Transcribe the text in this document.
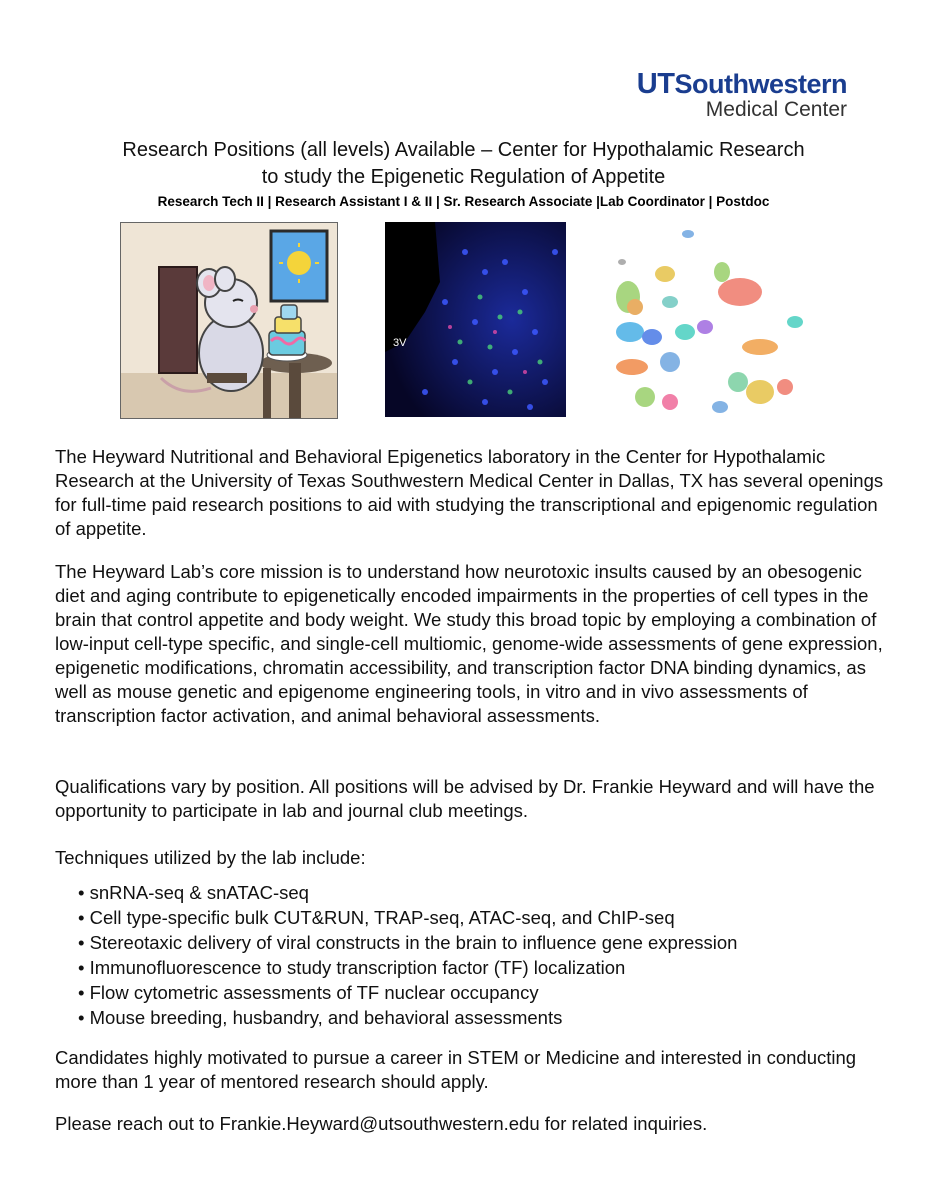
UTSouthwestern
Medical Center
Research Positions (all levels) Available – Center for Hypothalamic Research
to study the Epigenetic Regulation of Appetite
Research Tech II | Research Assistant I & II | Sr. Research Associate |Lab Coordinator | Postdoc
3V

The Heyward Nutritional and Behavioral Epigenetics laboratory in the Center for Hypothalamic Research at the University of Texas Southwestern Medical Center in Dallas, TX has several openings for full-time paid research positions to aid with studying the transcriptional and epigenomic regulation of appetite.

The Heyward Lab’s core mission is to understand how neurotoxic insults caused by an obesogenic diet and aging contribute to epigenetically encoded impairments in the properties of cell types in the brain that control appetite and body weight. We study this broad topic by employing a combination of low-input cell-type specific, and single-cell multiomic, genome-wide assessments of gene expression, epigenetic modifications, chromatin accessibility, and transcription factor DNA binding dynamics, as well as mouse genetic and epigenome engineering tools, in vitro and in vivo assessments of transcription factor activation, and animal behavioral assessments.

Qualifications vary by position. All positions will be advised by Dr. Frankie Heyward and will have the opportunity to participate in lab and journal club meetings.

Techniques utilized by the lab include:

• snRNA-seq & snATAC-seq
• Cell type-specific bulk CUT&RUN, TRAP-seq, ATAC-seq, and ChIP-seq
• Stereotaxic delivery of viral constructs in the brain to influence gene expression
• Immunofluorescence to study transcription factor (TF) localization
• Flow cytometric assessments of TF nuclear occupancy
• Mouse breeding, husbandry, and behavioral assessments

Candidates highly motivated to pursue a career in STEM or Medicine and interested in conducting more than 1 year of mentored research should apply.

Please reach out to Frankie.Heyward@utsouthwestern.edu for related inquiries.
